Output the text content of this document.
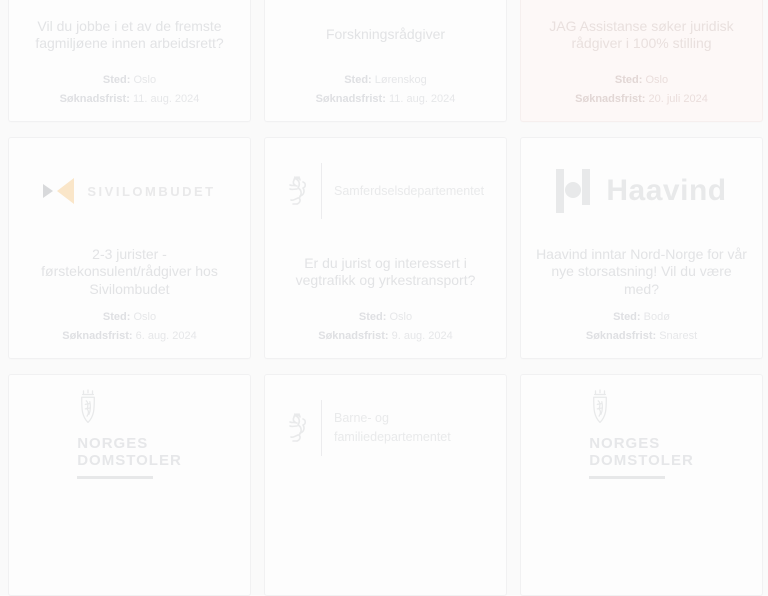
Vil du jobbe i et av de fremste fagmiljøene innen arbeidsrett?
Sted: Oslo
Søknadsfrist: 11. aug. 2024
Forskningsrådgiver
Sted: Lørenskog
Søknadsfrist: 11. aug. 2024
JAG Assistanse søker juridisk rådgiver i 100% stilling
Sted: Oslo
Søknadsfrist: 20. juli 2024
SIVILOMBUDET
2-3 jurister - førstekonsulent/rådgiver hos Sivilombudet
Sted: Oslo
Søknadsfrist: 6. aug. 2024
Samferdselsdepartementet
Er du jurist og interessert i vegtrafikk og yrkestransport?
Sted: Oslo
Søknadsfrist: 9. aug. 2024
Haavind
Haavind inntar Nord-Norge for vår nye storsatsning! Vil du være med?
Sted: Bodø
Søknadsfrist: Snarest
NORGES
DOMSTOLER
Barne- og familiedepartementet	NORGES
DOMSTOLER
